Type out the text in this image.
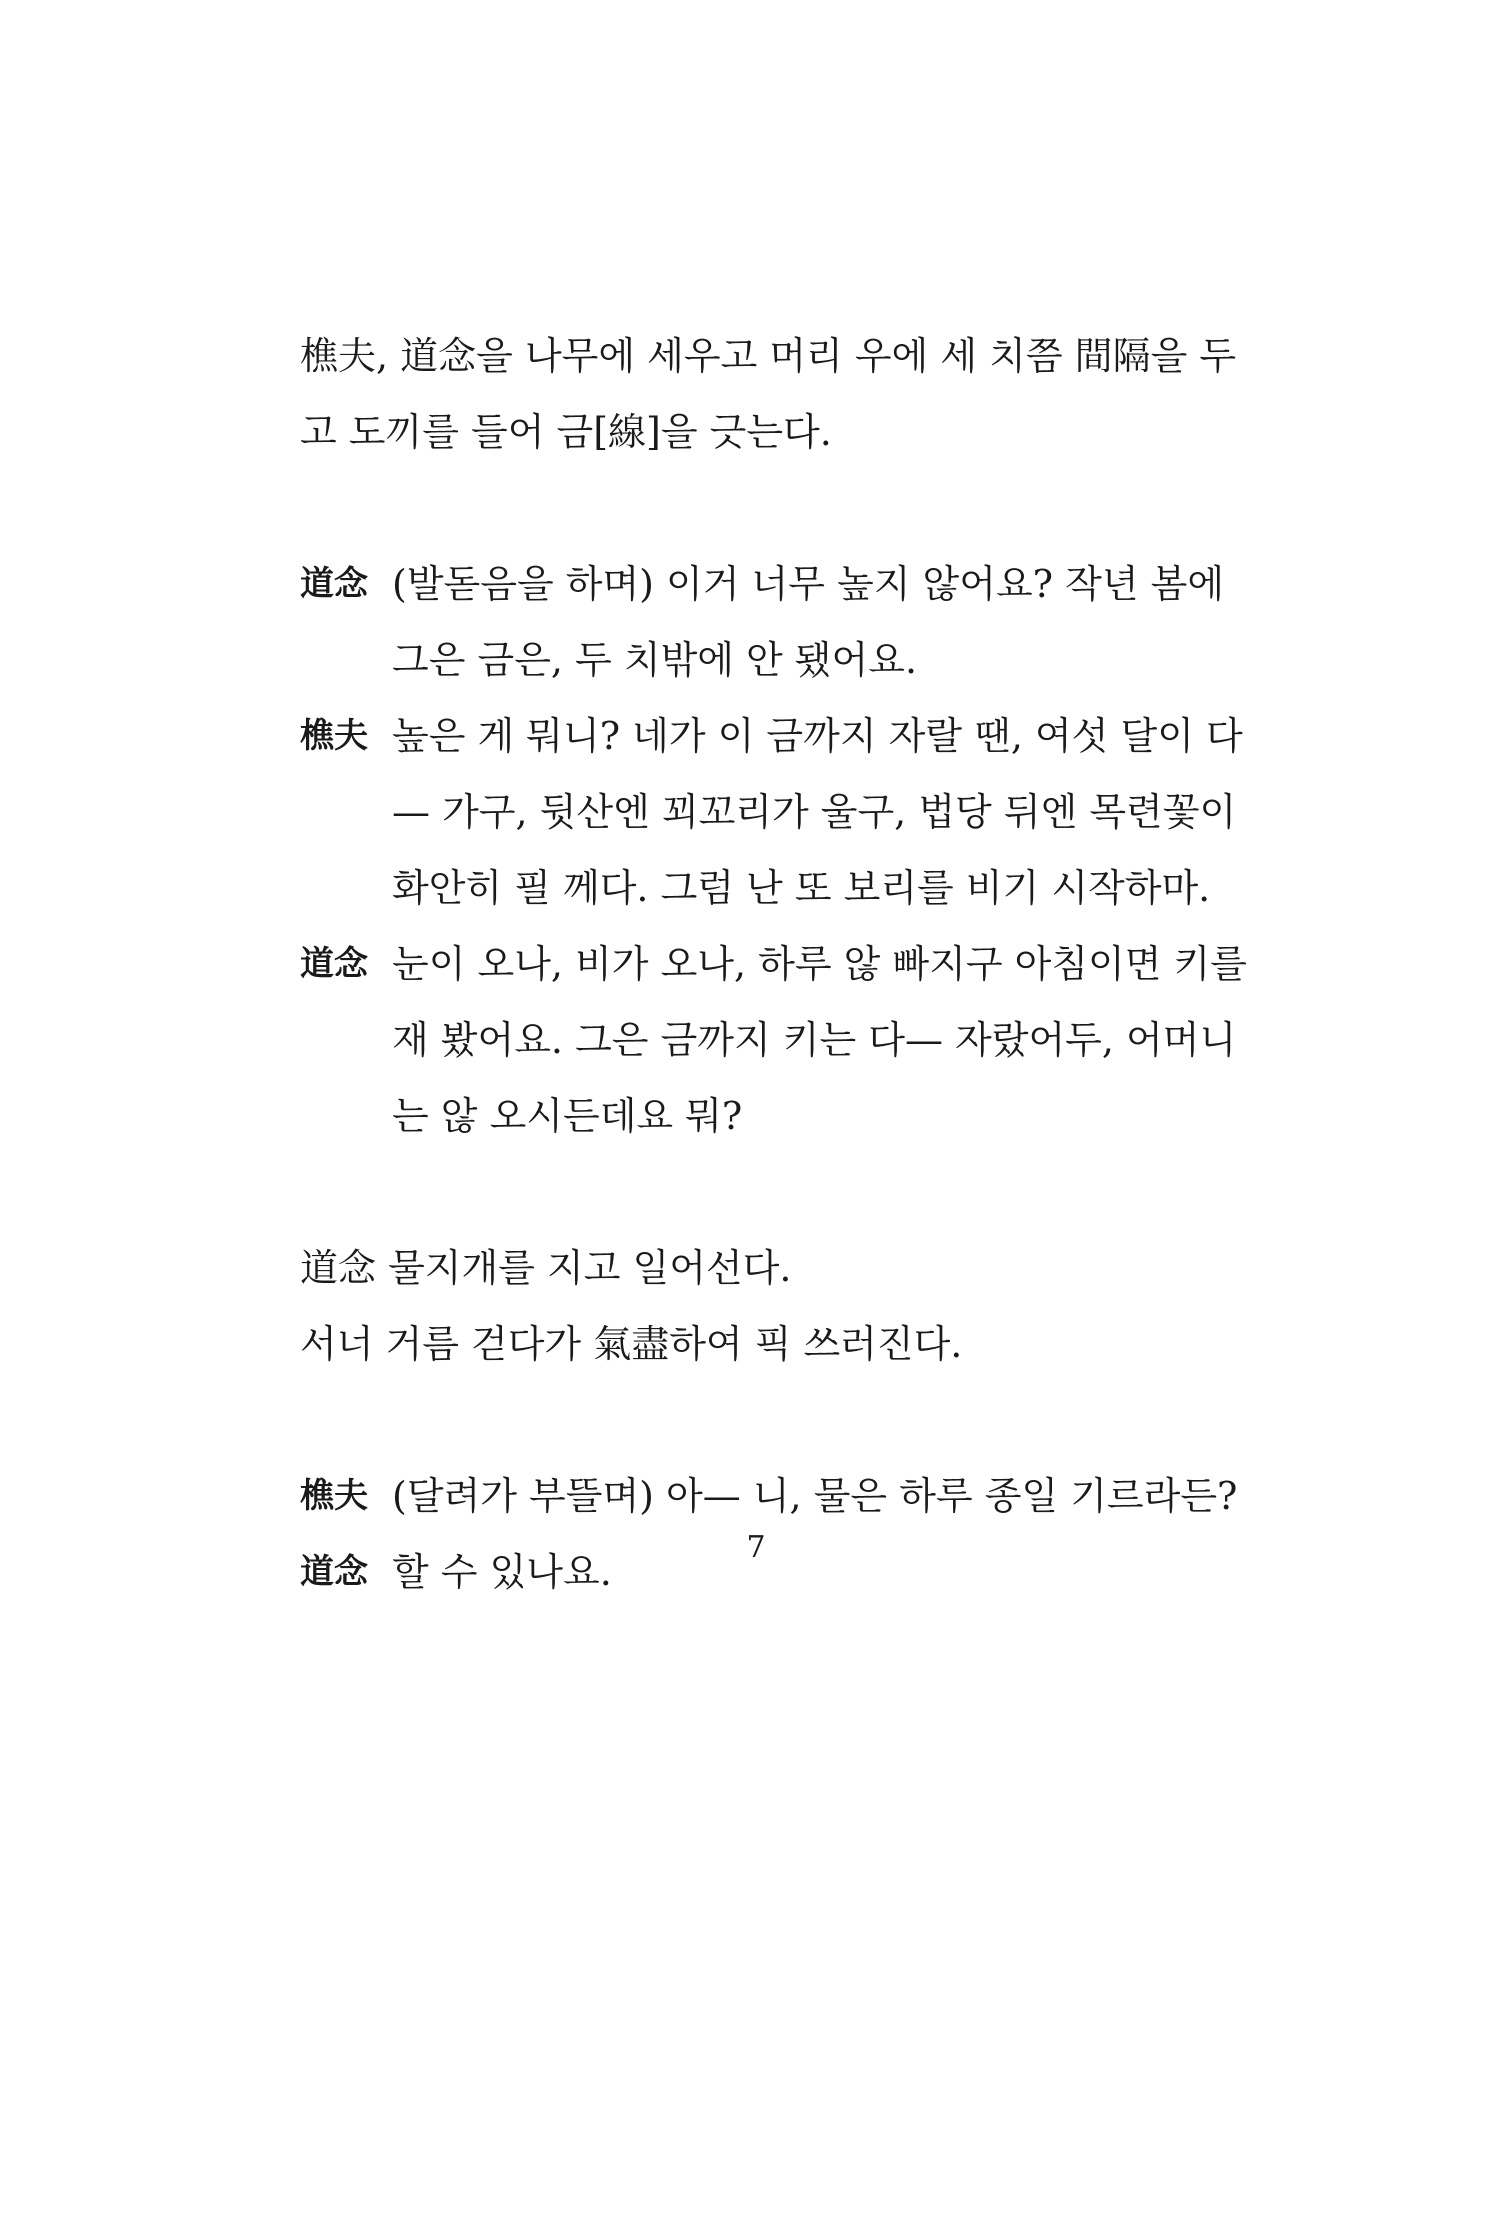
樵夫, 道念을 나무에 세우고 머리 우에 세 치쯤 間隔을 두고 도끼를 들어 금[線]을 긋는다.

道念 (발돋음을 하며) 이거 너무 높지 않어요? 작년 봄에 그은 금은, 두 치밖에 안 됐어요.
樵夫 높은 게 뭐니? 네가 이 금까지 자랄 땐, 여섯 달이 다— 가구, 뒷산엔 꾀꼬리가 울구, 법당 뒤엔 목련꽃이 화안히 필 께다. 그럼 난 또 보리를 비기 시작하마.
道念 눈이 오나, 비가 오나, 하루 않 빠지구 아침이면 키를 재 봤어요. 그은 금까지 키는 다— 자랐어두, 어머니는 않 오시든데요 뭐?

道念 물지개를 지고 일어선다.

서너 거름 걷다가 氣盡하여 픽 쓰러진다.

樵夫 (달려가 부뜰며) 아— 니, 물은 하루 종일 기르라든?
道念 할 수 있나요.
7
